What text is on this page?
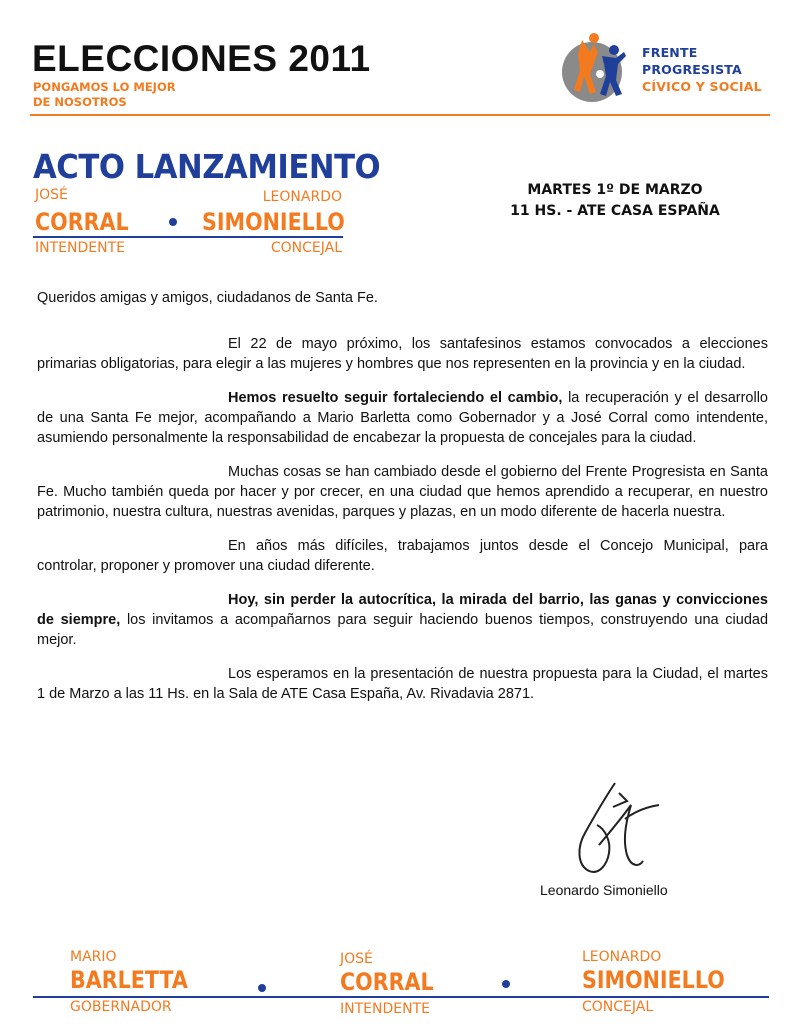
ELECCIONES 2011
PONGAMOS LO MEJOR
DE NOSOTROS
FRENTE
PROGRESISTA
CÍVICO Y SOCIAL
ACTO LANZAMIENTO
JOSÉ
CORRAL
INTENDENTE
LEONARDO
SIMONIELLO
CONCEJAL
MARTES 1º DE MARZO
11 HS. - ATE CASA ESPAÑA

Queridos amigas y amigos, ciudadanos de Santa Fe.

El 22 de mayo próximo, los santafesinos estamos convocados a elecciones primarias obligatorias, para elegir a las mujeres y hombres que nos representen en la provincia y en la ciudad.

Hemos resuelto seguir fortaleciendo el cambio, la recuperación y el desarrollo de una Santa Fe mejor, acompañando a Mario Barletta como Gobernador y a José Corral como intendente, asumiendo personalmente la responsabilidad de encabezar la propuesta de concejales para la ciudad.

Muchas cosas se han cambiado desde el gobierno del Frente Progresista en Santa Fe. Mucho también queda por hacer y por crecer, en una ciudad que hemos aprendido a recuperar, en nuestro patrimonio, nuestra cultura, nuestras avenidas, parques y plazas, en un modo diferente de hacerla nuestra.

En años más difíciles, trabajamos juntos desde el Concejo Municipal, para controlar, proponer y promover una ciudad diferente.

Hoy, sin perder la autocrítica, la mirada del barrio, las ganas y convicciones de siempre, los invitamos a acompañarnos para seguir haciendo buenos tiempos, construyendo una ciudad mejor.

Los esperamos en la presentación de nuestra propuesta para la Ciudad, el martes 1 de Marzo a las 11 Hs. en la Sala de ATE Casa España, Av. Rivadavia 2871.

Leonardo Simoniello
MARIO
BARLETTA
GOBERNADOR
JOSÉ
CORRAL
INTENDENTE
LEONARDO
SIMONIELLO
CONCEJAL
